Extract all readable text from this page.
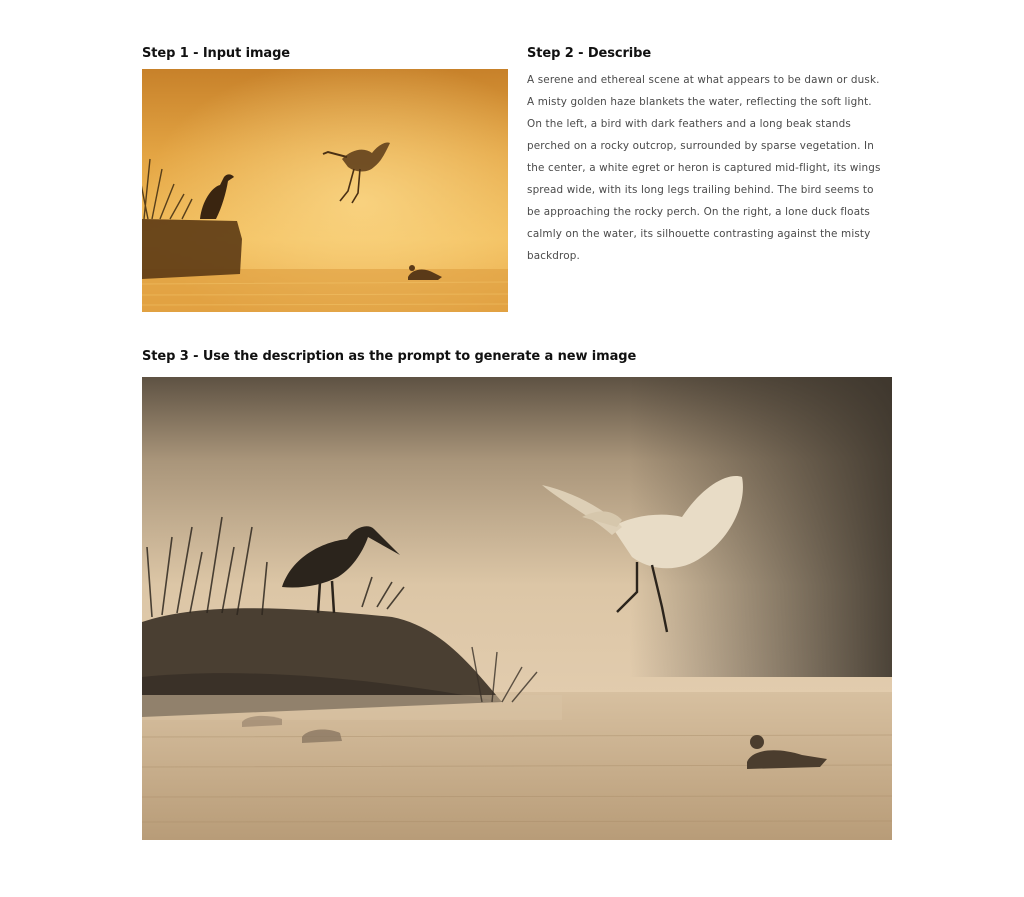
Step 1 - Input image	Step 2 - Describe

A serene and ethereal scene at what appears to be dawn or dusk. A misty golden haze blankets the water, reflecting the soft light. On the left, a bird with dark feathers and a long beak stands perched on a rocky outcrop, surrounded by sparse vegetation. In the center, a white egret or heron is captured mid-flight, its wings spread wide, with its long legs trailing behind. The bird seems to be approaching the rocky perch. On the right, a lone duck floats calmly on the water, its silhouette contrasting against the misty backdrop.

Step 3 - Use the description as the prompt to generate a new image
